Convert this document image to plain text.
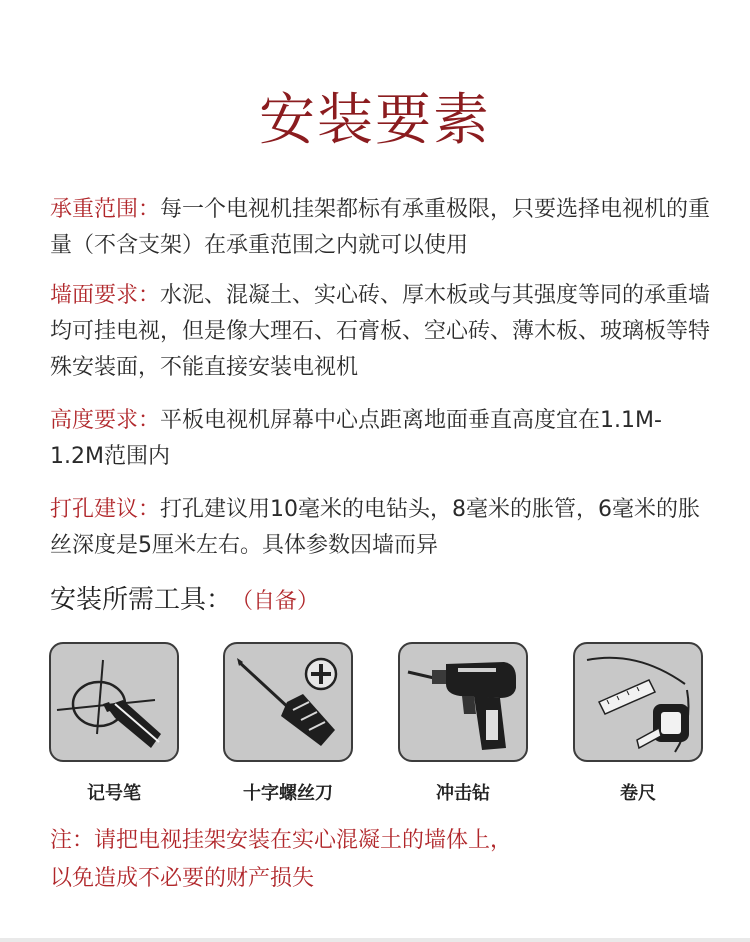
安装要素

承重范围：每一个电视机挂架都标有承重极限，只要选择电视机的重量（不含支架）在承重范围之内就可以使用

墙面要求：水泥、混凝土、实心砖、厚木板或与其强度等同的承重墙均可挂电视，但是像大理石、石膏板、空心砖、薄木板、玻璃板等特殊安装面，不能直接安装电视机

高度要求：平板电视机屏幕中心点距离地面垂直高度宜在1.1M-1.2M范围内

打孔建议：打孔建议用10毫米的电钻头，8毫米的胀管，6毫米的胀丝深度是5厘米左右。具体参数因墙而异

安装所需工具： （自备）
记号笔	十字螺丝刀	冲击钻	卷尺
注：请把电视挂架安装在实心混凝土的墙体上，
以免造成不必要的财产损失
